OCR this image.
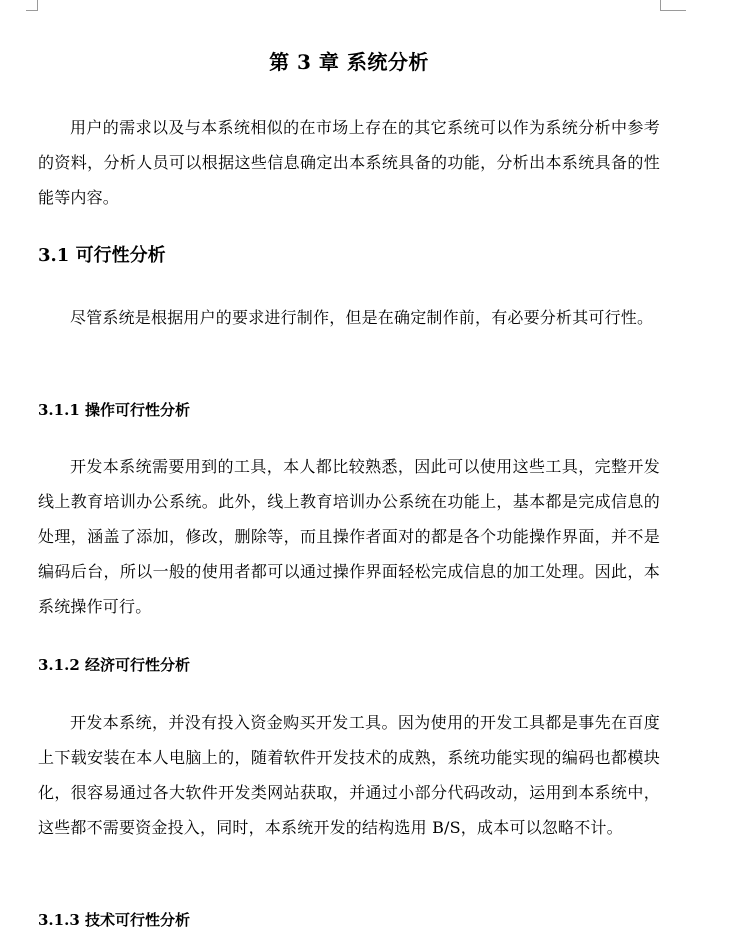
第 3 章 系统分析

用户的需求以及与本系统相似的在市场上存在的其它系统可以作为系统分析中参考的资料，分析人员可以根据这些信息确定出本系统具备的功能，分析出本系统具备的性能等内容。

3.1 可行性分析

尽管系统是根据用户的要求进行制作，但是在确定制作前，有必要分析其可行性。

3.1.1 操作可行性分析

开发本系统需要用到的工具，本人都比较熟悉，因此可以使用这些工具，完整开发线上教育培训办公系统。此外，线上教育培训办公系统在功能上，基本都是完成信息的处理，涵盖了添加，修改，删除等，而且操作者面对的都是各个功能操作界面，并不是编码后台，所以一般的使用者都可以通过操作界面轻松完成信息的加工处理。因此，本系统操作可行。

3.1.2 经济可行性分析

开发本系统，并没有投入资金购买开发工具。因为使用的开发工具都是事先在百度上下载安装在本人电脑上的，随着软件开发技术的成熟，系统功能实现的编码也都模块化，很容易通过各大软件开发类网站获取，并通过小部分代码改动，运用到本系统中，这些都不需要资金投入，同时，本系统开发的结构选用 B/S，成本可以忽略不计。

3.1.3 技术可行性分析
